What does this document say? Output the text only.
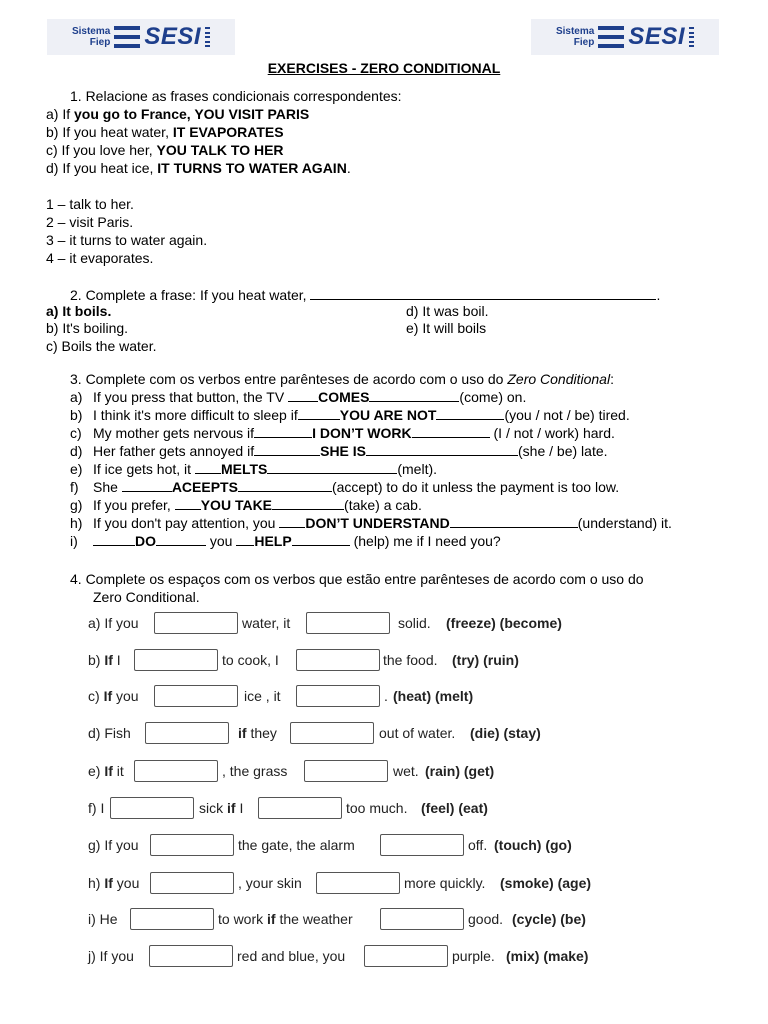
Sistema
Fiep SESI	Sistema
Fiep SESI
EXERCISES - ZERO CONDITIONAL
1. Relacione as frases condicionais correspondentes:
a) If you go to France, YOU VISIT PARIS
b) If you heat water, IT EVAPORATES
c) If you love her, YOU TALK TO HER
d) If you heat ice, IT TURNS TO WATER AGAIN.
1 – talk to her.
2 – visit Paris.
3 – it turns to water again.
4 – it evaporates.
2. Complete a frase: If you heat water,	.
a) It boils.
b) It's boiling.
c) Boils the water.
d) It was boil.
e) It will boils
3. Complete com os verbos entre parênteses de acordo com o uso do Zero Conditional:
a) If you press that button, the TV COMES	(come) on.
b) I think it's more difficult to sleep if	YOU ARE NOT	(you / not / be) tired.
c) My mother gets nervous if	I DON’T WORK	(I / not / work) hard.
d) Her father gets annoyed if	SHE IS	(she / be) late.
e) If ice gets hot, it MELTS	(melt).
f) She	ACEEPTS	(accept) to do it unless the payment is too low.
g) If you prefer, YOU TAKE	(take) a cab.
h) If you don't pay attention, you DON’T UNDERSTAND	(understand) it.
i)	DO	you HELP	(help) me if I need you?
4. Complete os espaços com os verbos que estão entre parênteses de acordo com o uso do
Zero Conditional.
a) If you	water, it	solid. (freeze) (become)
b) If I	to cook, I	the food. (try) (ruin)
c) If you	ice , it	. (heat) (melt)
d) Fish	if they	out of water. (die) (stay)
e) If it	, the grass	wet. (rain) (get)
f) I	sick if I	too much. (feel) (eat)
g) If you	the gate, the alarm	off. (touch) (go)
h) If you	, your skin	more quickly. (smoke) (age)
i) He	to work if the weather	good. (cycle) (be)
j) If you	red and blue, you	purple. (mix) (make)
